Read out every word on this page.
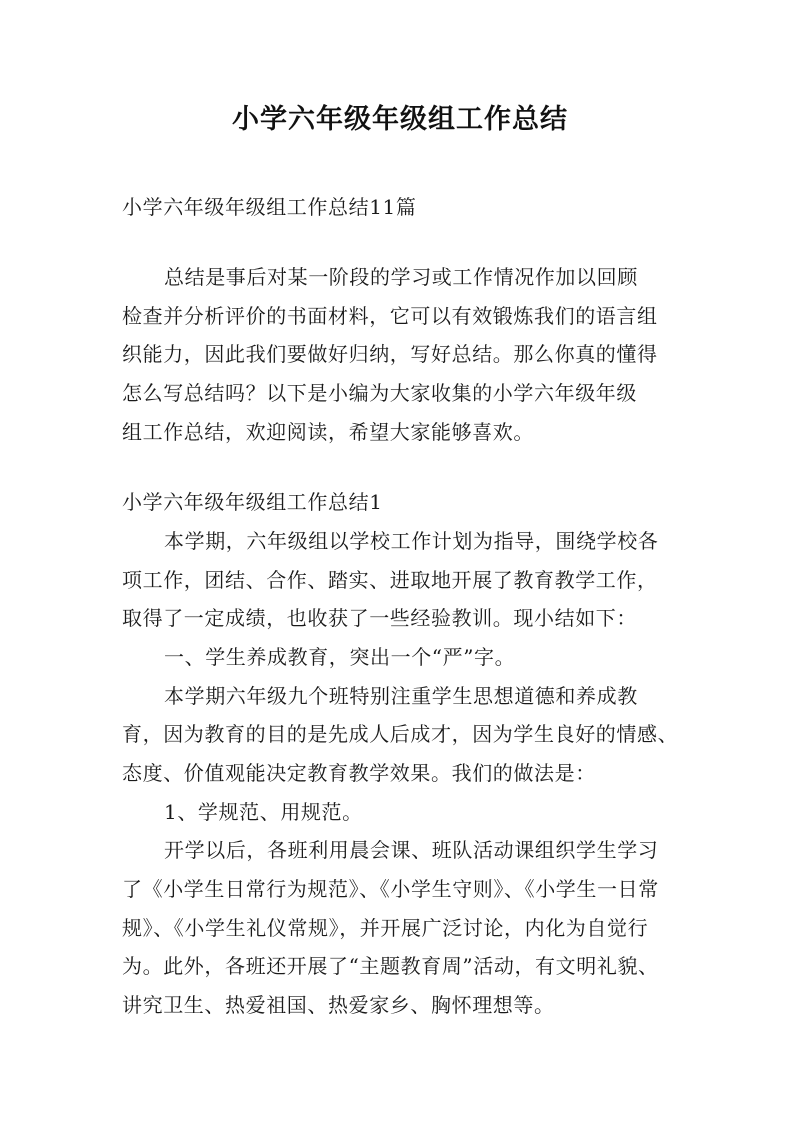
小学六年级年级组工作总结
小学六年级年级组工作总结11篇
总结是事后对某一阶段的学习或工作情况作加以回顾
检查并分析评价的书面材料，它可以有效锻炼我们的语言组
织能力，因此我们要做好归纳，写好总结。那么你真的懂得
怎么写总结吗？以下是小编为大家收集的小学六年级年级
组工作总结，欢迎阅读，希望大家能够喜欢。
小学六年级年级组工作总结1
本学期，六年级组以学校工作计划为指导，围绕学校各
项工作，团结、合作、踏实、进取地开展了教育教学工作，
取得了一定成绩，也收获了一些经验教训。现小结如下：
一、学生养成教育，突出一个“严”字。
本学期六年级九个班特别注重学生思想道德和养成教
育，因为教育的目的是先成人后成才，因为学生良好的情感、
态度、价值观能决定教育教学效果。我们的做法是：
1、学规范、用规范。
开学以后，各班利用晨会课、班队活动课组织学生学习
了《小学生日常行为规范》、《小学生守则》、《小学生一日常
规》、《小学生礼仪常规》，并开展广泛讨论，内化为自觉行
为。此外，各班还开展了“主题教育周”活动，有文明礼貌、
讲究卫生、热爱祖国、热爱家乡、胸怀理想等。
